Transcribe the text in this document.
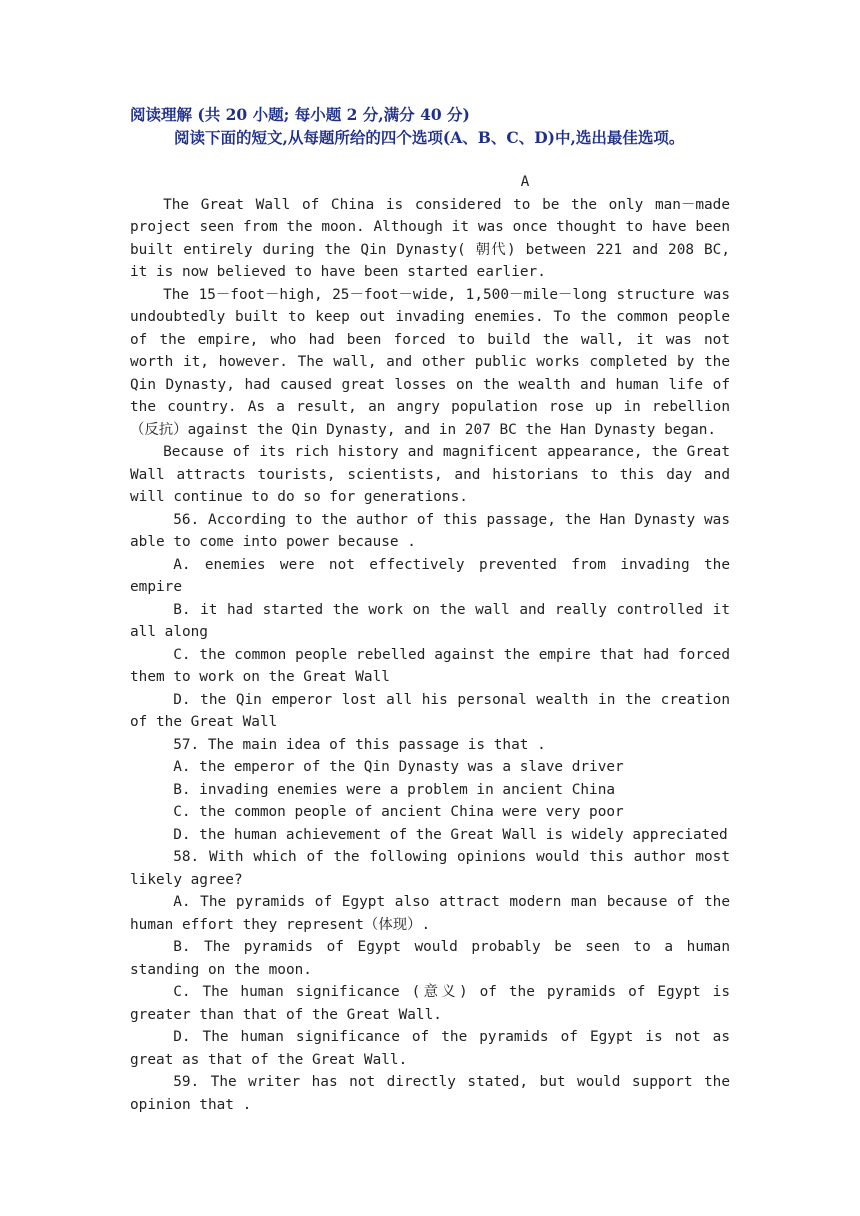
阅读理解 (共 20 小题; 每小题 2 分,满分 40 分)
阅读下面的短文,从每题所给的四个选项(A、B、C、D)中,选出最佳选项。
A

The Great Wall of China is considered to be the only man－made project seen from the moon. Although it was once thought to have been built entirely during the Qin Dynasty( 朝代) between 221 and 208 BC, it is now believed to have been started earlier.

The 15－foot－high, 25－foot－wide, 1,500－mile－long structure was undoubtedly built to keep out invading enemies. To the common people of the empire, who had been forced to build the wall, it was not worth it, however. The wall, and other public works completed by the Qin Dynasty, had caused great losses on the wealth and human life of the country. As a result, an angry population rose up in rebellion（反抗）against the Qin Dynasty, and in 207 BC the Han Dynasty began.

Because of its rich history and magnificent appearance, the Great Wall attracts tourists, scientists, and historians to this day and will continue to do so for generations.

56. According to the author of this passage, the Han Dynasty was able to come into power because .

A. enemies were not effectively prevented from invading the empire

B. it had started the work on the wall and really controlled it all along

C. the common people rebelled against the empire that had forced them to work on the Great Wall

D. the Qin emperor lost all his personal wealth in the creation of the Great Wall

57. The main idea of this passage is that .

A. the emperor of the Qin Dynasty was a slave driver

B. invading enemies were a problem in ancient China

C. the common people of ancient China were very poor

D. the human achievement of the Great Wall is widely appreciated

58. With which of the following opinions would this author most likely agree?

A. The pyramids of Egypt also attract modern man because of the human effort they represent（体现）.

B. The pyramids of Egypt would probably be seen to a human standing on the moon.

C. The human significance (意义) of the pyramids of Egypt is greater than that of the Great Wall.

D. The human significance of the pyramids of Egypt is not as great as that of the Great Wall.

59. The writer has not directly stated, but would support the opinion that .
